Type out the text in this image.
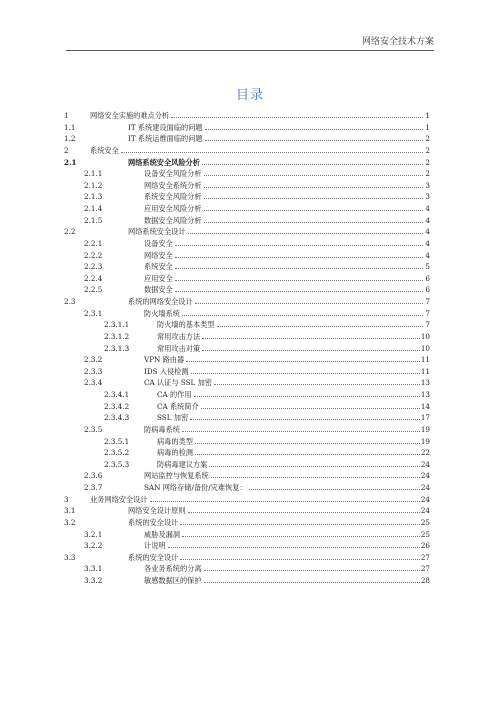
网络安全技术方案
目录
1	网络安全实施的难点分析	1
1.1	IT 系统建设面临的问题	1
1.2	IT 系统运维面临的问题	2
2	系统安全	2
2.1	网络系统安全风险分析	2
2.1.1	设备安全风险分析	2
2.1.2	网络安全系统分析	3
2.1.3	系统安全风险分析	3
2.1.4	应用安全风险分析	4
2.1.5	数据安全风险分析	4
2.2	网络系统安全设计	4
2.2.1	设备安全	4
2.2.2	网络安全	4
2.2.3	系统安全	5
2.2.4	应用安全	6
2.2.5	数据安全	6
2.3	系统的网络安全设计	7
2.3.1	防火墙系统	7
2.3.1.1	防火墙的基本类型	7
2.3.1.2	常用攻击方法	10
2.3.1.3	常用攻击对策	10
2.3.2	VPN 路由器	11
2.3.3	IDS 入侵检测	11
2.3.4	CA 认证与 SSL 加密	13
2.3.4.1	CA 的作用	13
2.3.4.2	CA 系统简介	14
2.3.4.3	SSL 加密	17
2.3.5	防病毒系统	19
2.3.5.1	病毒的类型	19
2.3.5.2	病毒的检测	22
2.3.5.3	防病毒建议方案	24
2.3.6	网站监控与恢复系统	24
2.3.7	SAN 网络存储/备份/灾难恢复：	24
3	业务网络安全设计	24
3.1	网络安全设计原则	24
3.2	系统的安全设计	25
3.2.1	威胁及漏洞	25
3.2.2	计说明	26
3.3	系统的安全设计	27
3.3.1	各业务系统的分离	27
3.3.2	敏感数据区的保护	28
